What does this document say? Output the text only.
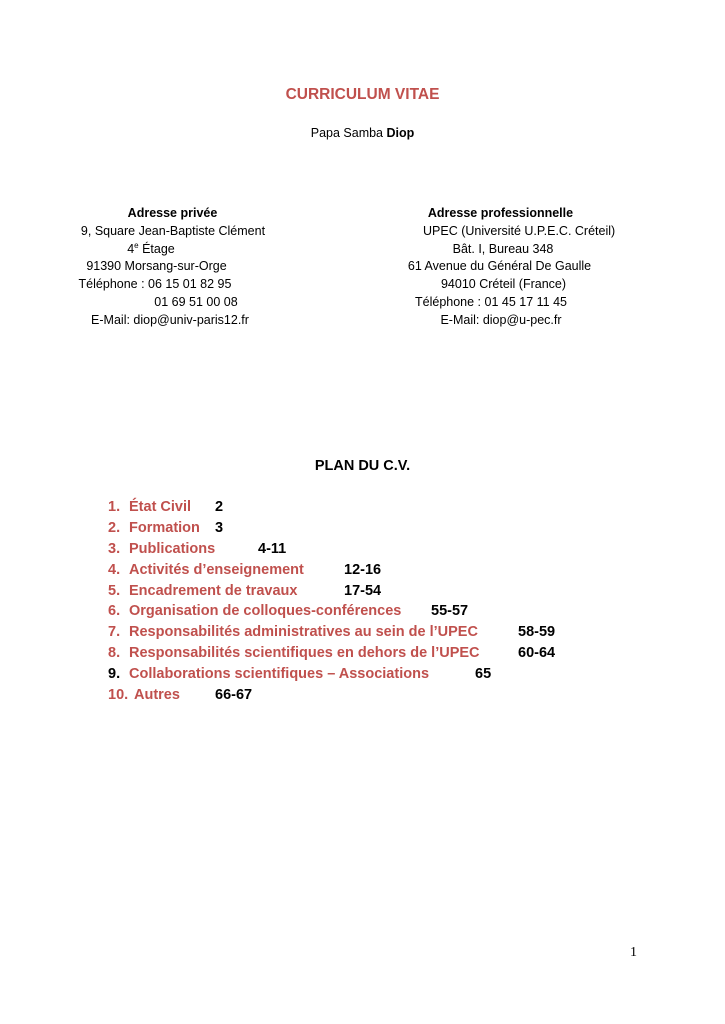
CURRICULUM VITAE
Papa Samba Diop
Adresse privée
9, Square Jean-Baptiste Clément
4e Étage
91390 Morsang-sur-Orge
Téléphone : 06 15 01 82 95
01 69 51 00 08
E-Mail: diop@univ-paris12.fr
Adresse professionnelle
UPEC (Université U.P.E.C. Créteil)
Bât. I, Bureau 348
61 Avenue du Général De Gaulle
94010 Créteil (France)
Téléphone : 01 45 17 11 45
E-Mail: diop@u-pec.fr
PLAN DU C.V.
1. État Civil 2
2. Formation 3
3. Publications	4-11
4. Activités d’enseignement	12-16
5. Encadrement de travaux	17-54
6. Organisation de colloques-conférences 55-57
7. Responsabilités administratives au sein de l’UPEC	58-59
8. Responsabilités scientifiques en dehors de l’UPEC	60-64
9. Collaborations scientifiques – Associations	65
10. Autres 66-67
1
